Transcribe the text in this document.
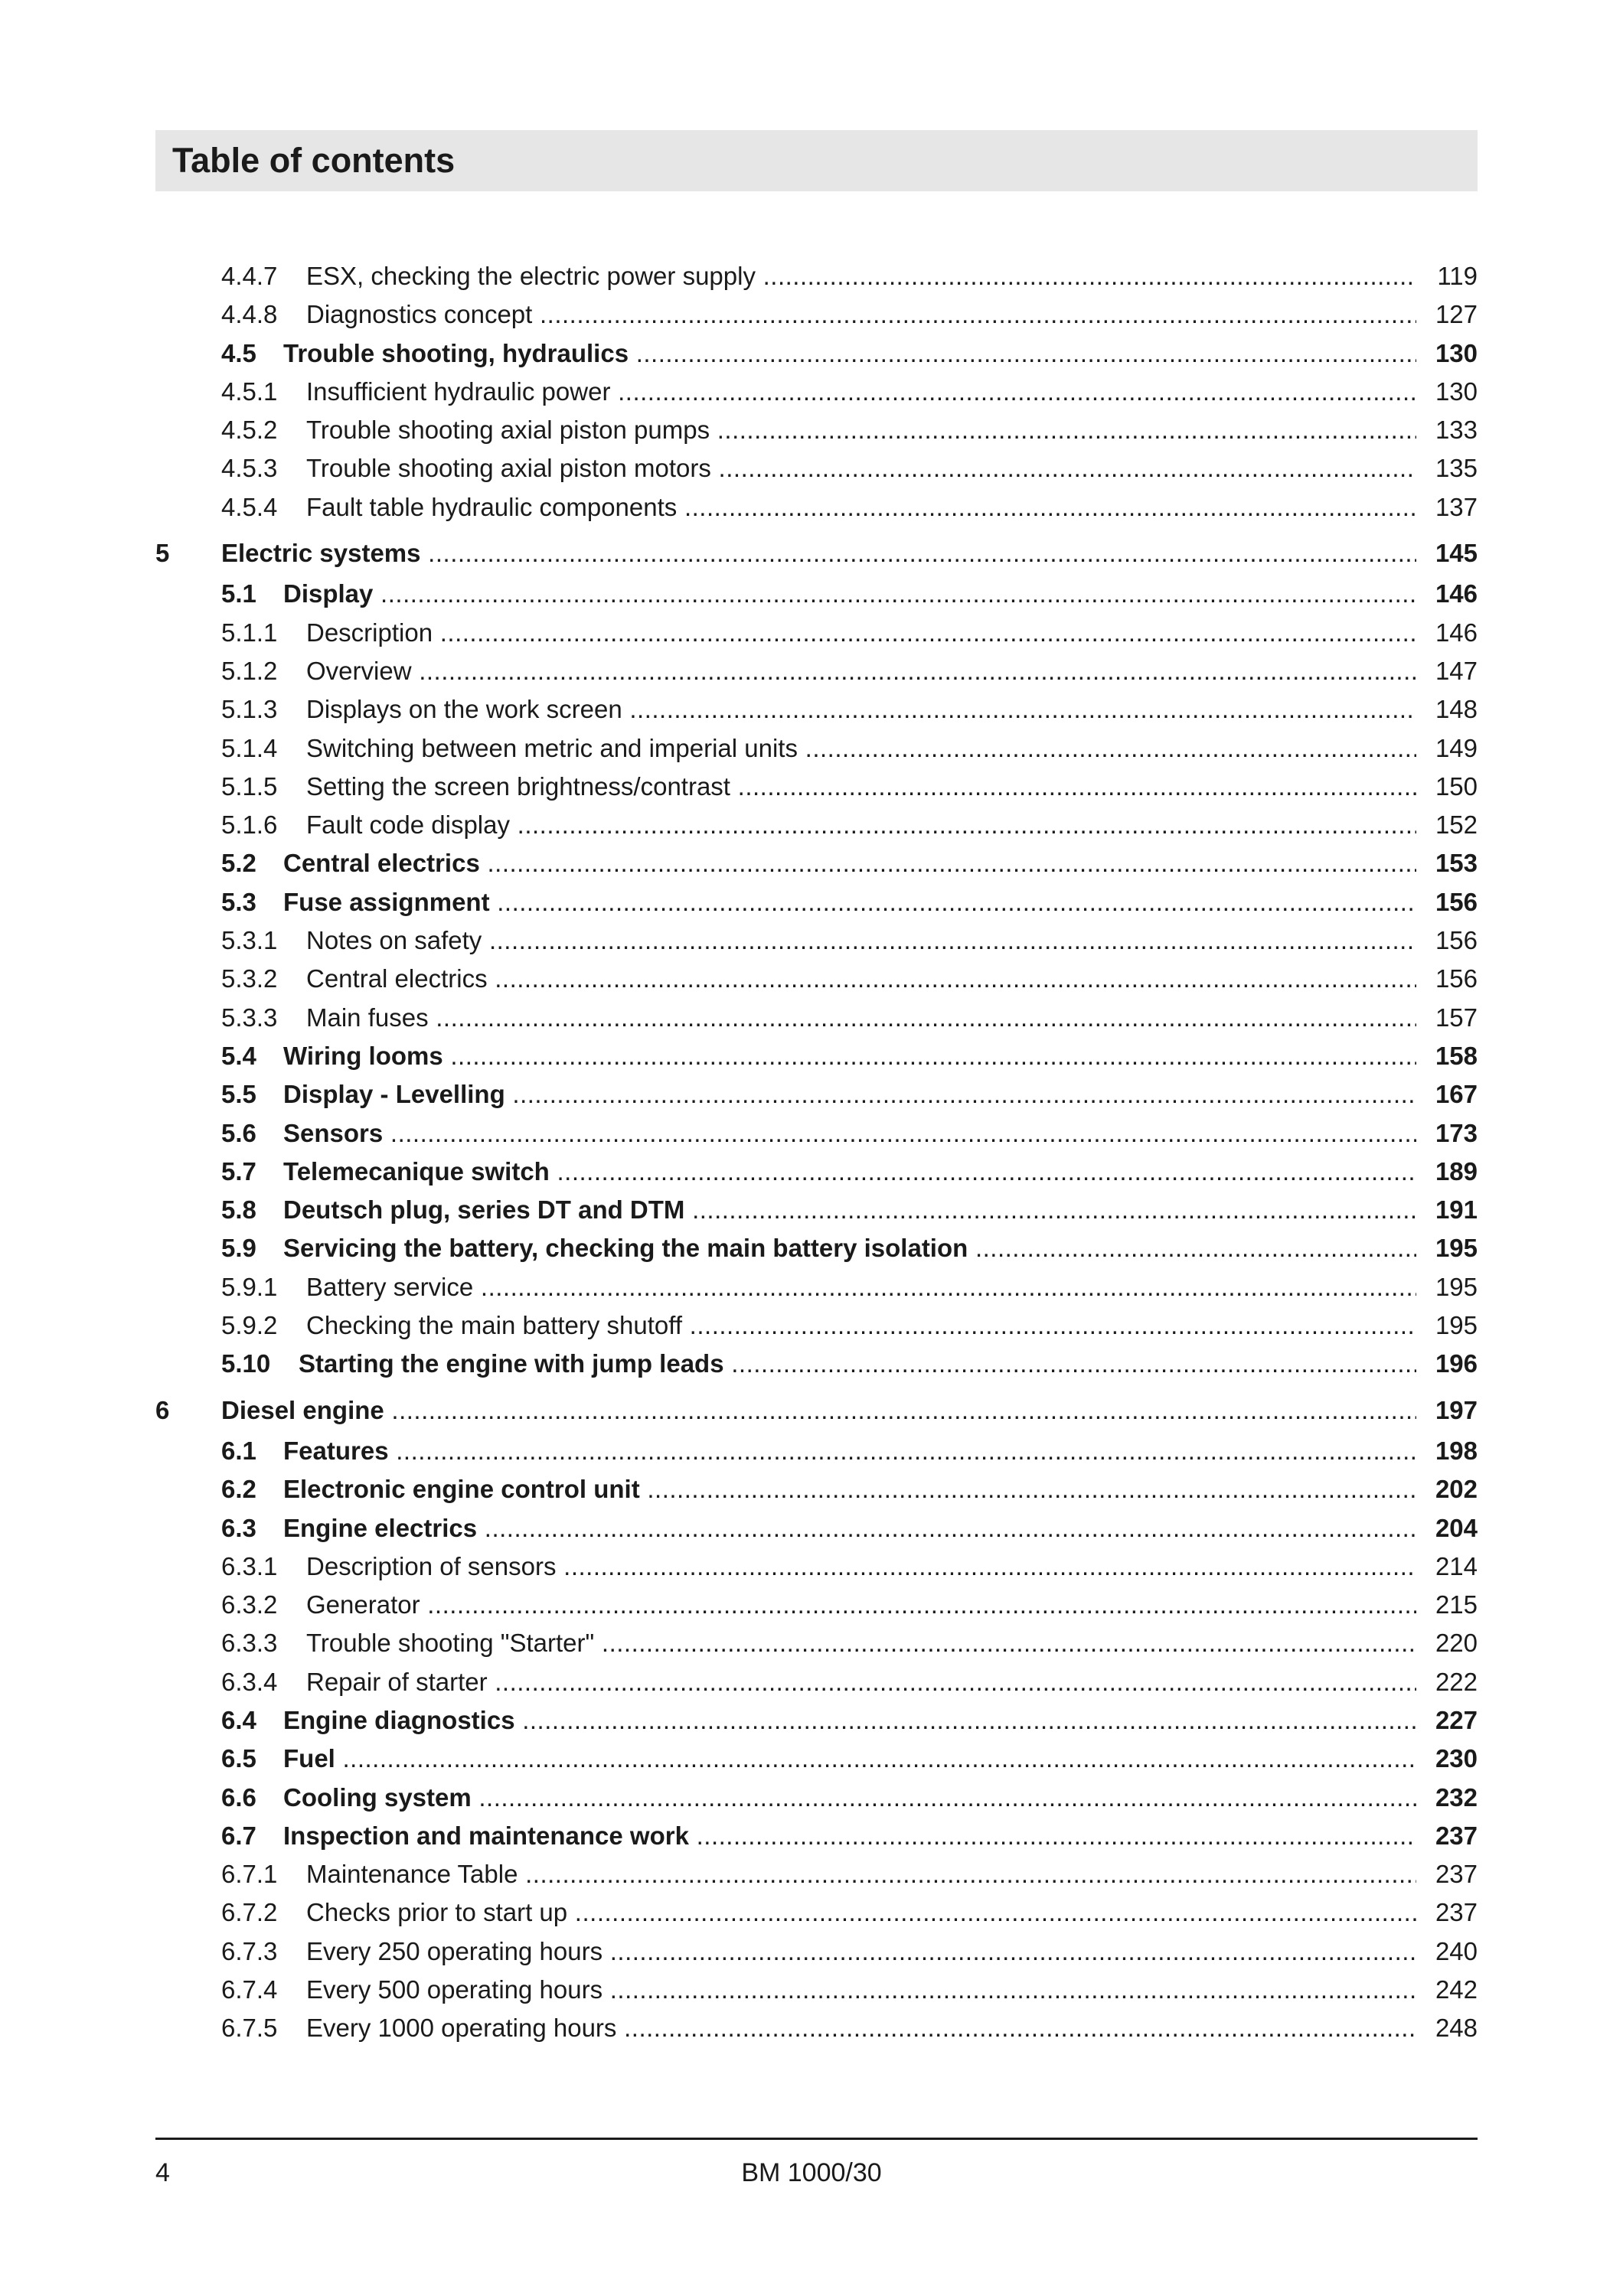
Table of contents
4.4.7 ESX, checking the electric power supply .....	119
4.4.8 Diagnostics concept .....	127
4.5 Trouble shooting, hydraulics .....	130
4.5.1 Insufficient hydraulic power .....	130
4.5.2 Trouble shooting axial piston pumps .....	133
4.5.3 Trouble shooting axial piston motors .....	135
4.5.4 Fault table hydraulic components .....	137
5 Electric systems .....	145
5.1 Display .....	146
5.1.1 Description .....	146
5.1.2 Overview .....	147
5.1.3 Displays on the work screen .....	148
5.1.4 Switching between metric and imperial units .....	149
5.1.5 Setting the screen brightness/contrast .....	150
5.1.6 Fault code display .....	152
5.2 Central electrics .....	153
5.3 Fuse assignment .....	156
5.3.1 Notes on safety .....	156
5.3.2 Central electrics .....	156
5.3.3 Main fuses .....	157
5.4 Wiring looms .....	158
5.5 Display - Levelling .....	167
5.6 Sensors .....	173
5.7 Telemecanique switch .....	189
5.8 Deutsch plug, series DT and DTM .....	191
5.9 Servicing the battery, checking the main battery isolation .....	195
5.9.1 Battery service .....	195
5.9.2 Checking the main battery shutoff .....	195
5.10 Starting the engine with jump leads .....	196
6 Diesel engine .....	197
6.1 Features .....	198
6.2 Electronic engine control unit .....	202
6.3 Engine electrics .....	204
6.3.1 Description of sensors .....	214
6.3.2 Generator .....	215
6.3.3 Trouble shooting "Starter" .....	220
6.3.4 Repair of starter .....	222
6.4 Engine diagnostics .....	227
6.5 Fuel .....	230
6.6 Cooling system .....	232
6.7 Inspection and maintenance work .....	237
6.7.1 Maintenance Table .....	237
6.7.2 Checks prior to start up .....	237
6.7.3 Every 250 operating hours .....	240
6.7.4 Every 500 operating hours .....	242
6.7.5 Every 1000 operating hours .....	248
4	BM 1000/30
